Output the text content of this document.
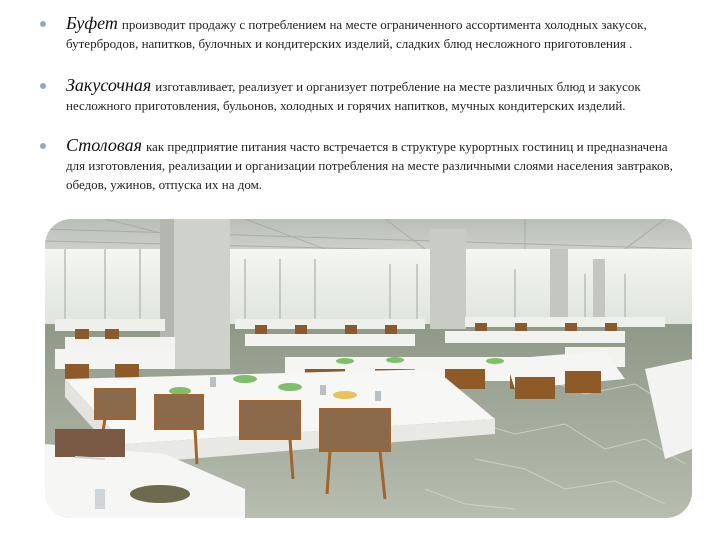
Буфет производит продажу с потреблением на месте ограниченного ассортимента холодных закусок, бутербродов, напитков, булочных и кондитерских изделий, сладких блюд несложного приготовления .
Закусочная изготавливает, реализует и организует потребление на месте различных блюд и закусок несложного приготовления, бульонов, холодных и горячих напитков, мучных кондитерских изделий.
Столовая как предприятие питания часто встречается в структуре курортных гостиниц и предназначена для изготовления, реализации и организации потребления на месте различными слоями населения завтраков, обедов, ужинов, отпуска их на дом.
